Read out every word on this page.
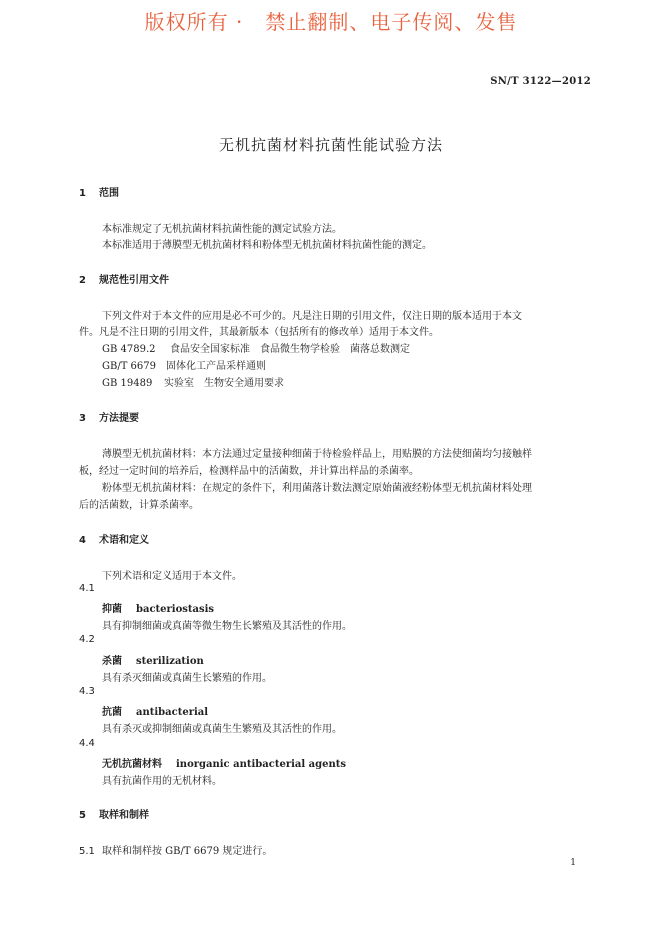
版权所有 ·   禁止翻制、电子传阅、发售
SN/T 3122—2012
无机抗菌材料抗菌性能试验方法
1 范围
本标准规定了无机抗菌材料抗菌性能的测定试验方法。
本标准适用于薄膜型无机抗菌材料和粉体型无机抗菌材料抗菌性能的测定。
2 规范性引用文件
下列文件对于本文件的应用是必不可少的。凡是注日期的引用文件，仅注日期的版本适用于本文
件。凡是不注日期的引用文件，其最新版本（包括所有的修改单）适用于本文件。
GB 4789.2 食品安全国家标准　食品微生物学检验　菌落总数测定
GB/T 6679 固体化工产品采样通则
GB 19489 实验室　生物安全通用要求
3 方法提要
薄膜型无机抗菌材料：本方法通过定量接种细菌于待检验样品上，用贴膜的方法使细菌均匀接触样
板，经过一定时间的培养后，检测样品中的活菌数，并计算出样品的杀菌率。
粉体型无机抗菌材料：在规定的条件下，利用菌落计数法测定原始菌液经粉体型无机抗菌材料处理
后的活菌数，计算杀菌率。
4 术语和定义
下列术语和定义适用于本文件。
4.1
抑菌 bacteriostasis
具有抑制细菌或真菌等微生物生长繁殖及其活性的作用。
4.2
杀菌 sterilization
具有杀灭细菌或真菌生长繁殖的作用。
4.3
抗菌 antibacterial
具有杀灭或抑制细菌或真菌生生繁殖及其活性的作用。
4.4
无机抗菌材料 inorganic antibacterial agents
具有抗菌作用的无机材料。
5 取样和制样
5.1 取样和制样按 GB/T 6679 规定进行。
1
